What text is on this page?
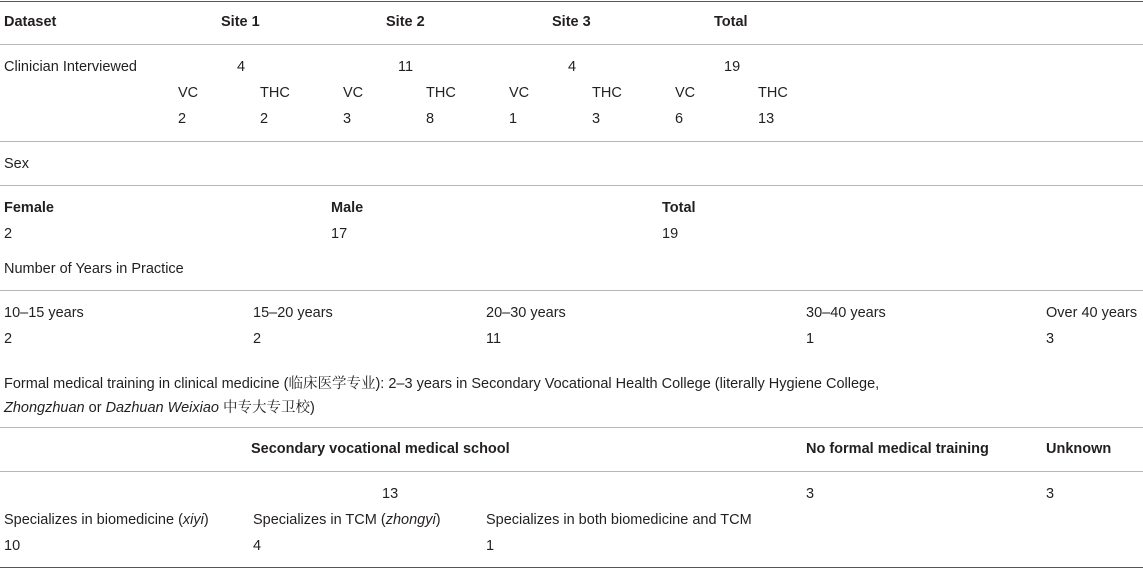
Dataset	Site 1	Site 2	Site 3	Total
Clinician Interviewed	4	11	4	19
VC	THC	VC	THC	VC	THC	VC	THC
2	2	3	8	1	3	6	13
Sex
Female	Male	Total
2	17	19
Number of Years in Practice
10–15 years	15–20 years	20–30 years	30–40 years	Over 40 years
2	2	11	1	3
Formal medical training in clinical medicine (临床医学专业): 2–3 years in Secondary Vocational Health College (literally Hygiene College,
Zhongzhuan or Dazhuan Weixiao 中专大专卫校)
Secondary vocational medical school	No formal medical training	Unknown
13	3	3
Specializes in biomedicine (xiyi)	Specializes in TCM (zhongyi)	Specializes in both biomedicine and TCM
10	4	1
